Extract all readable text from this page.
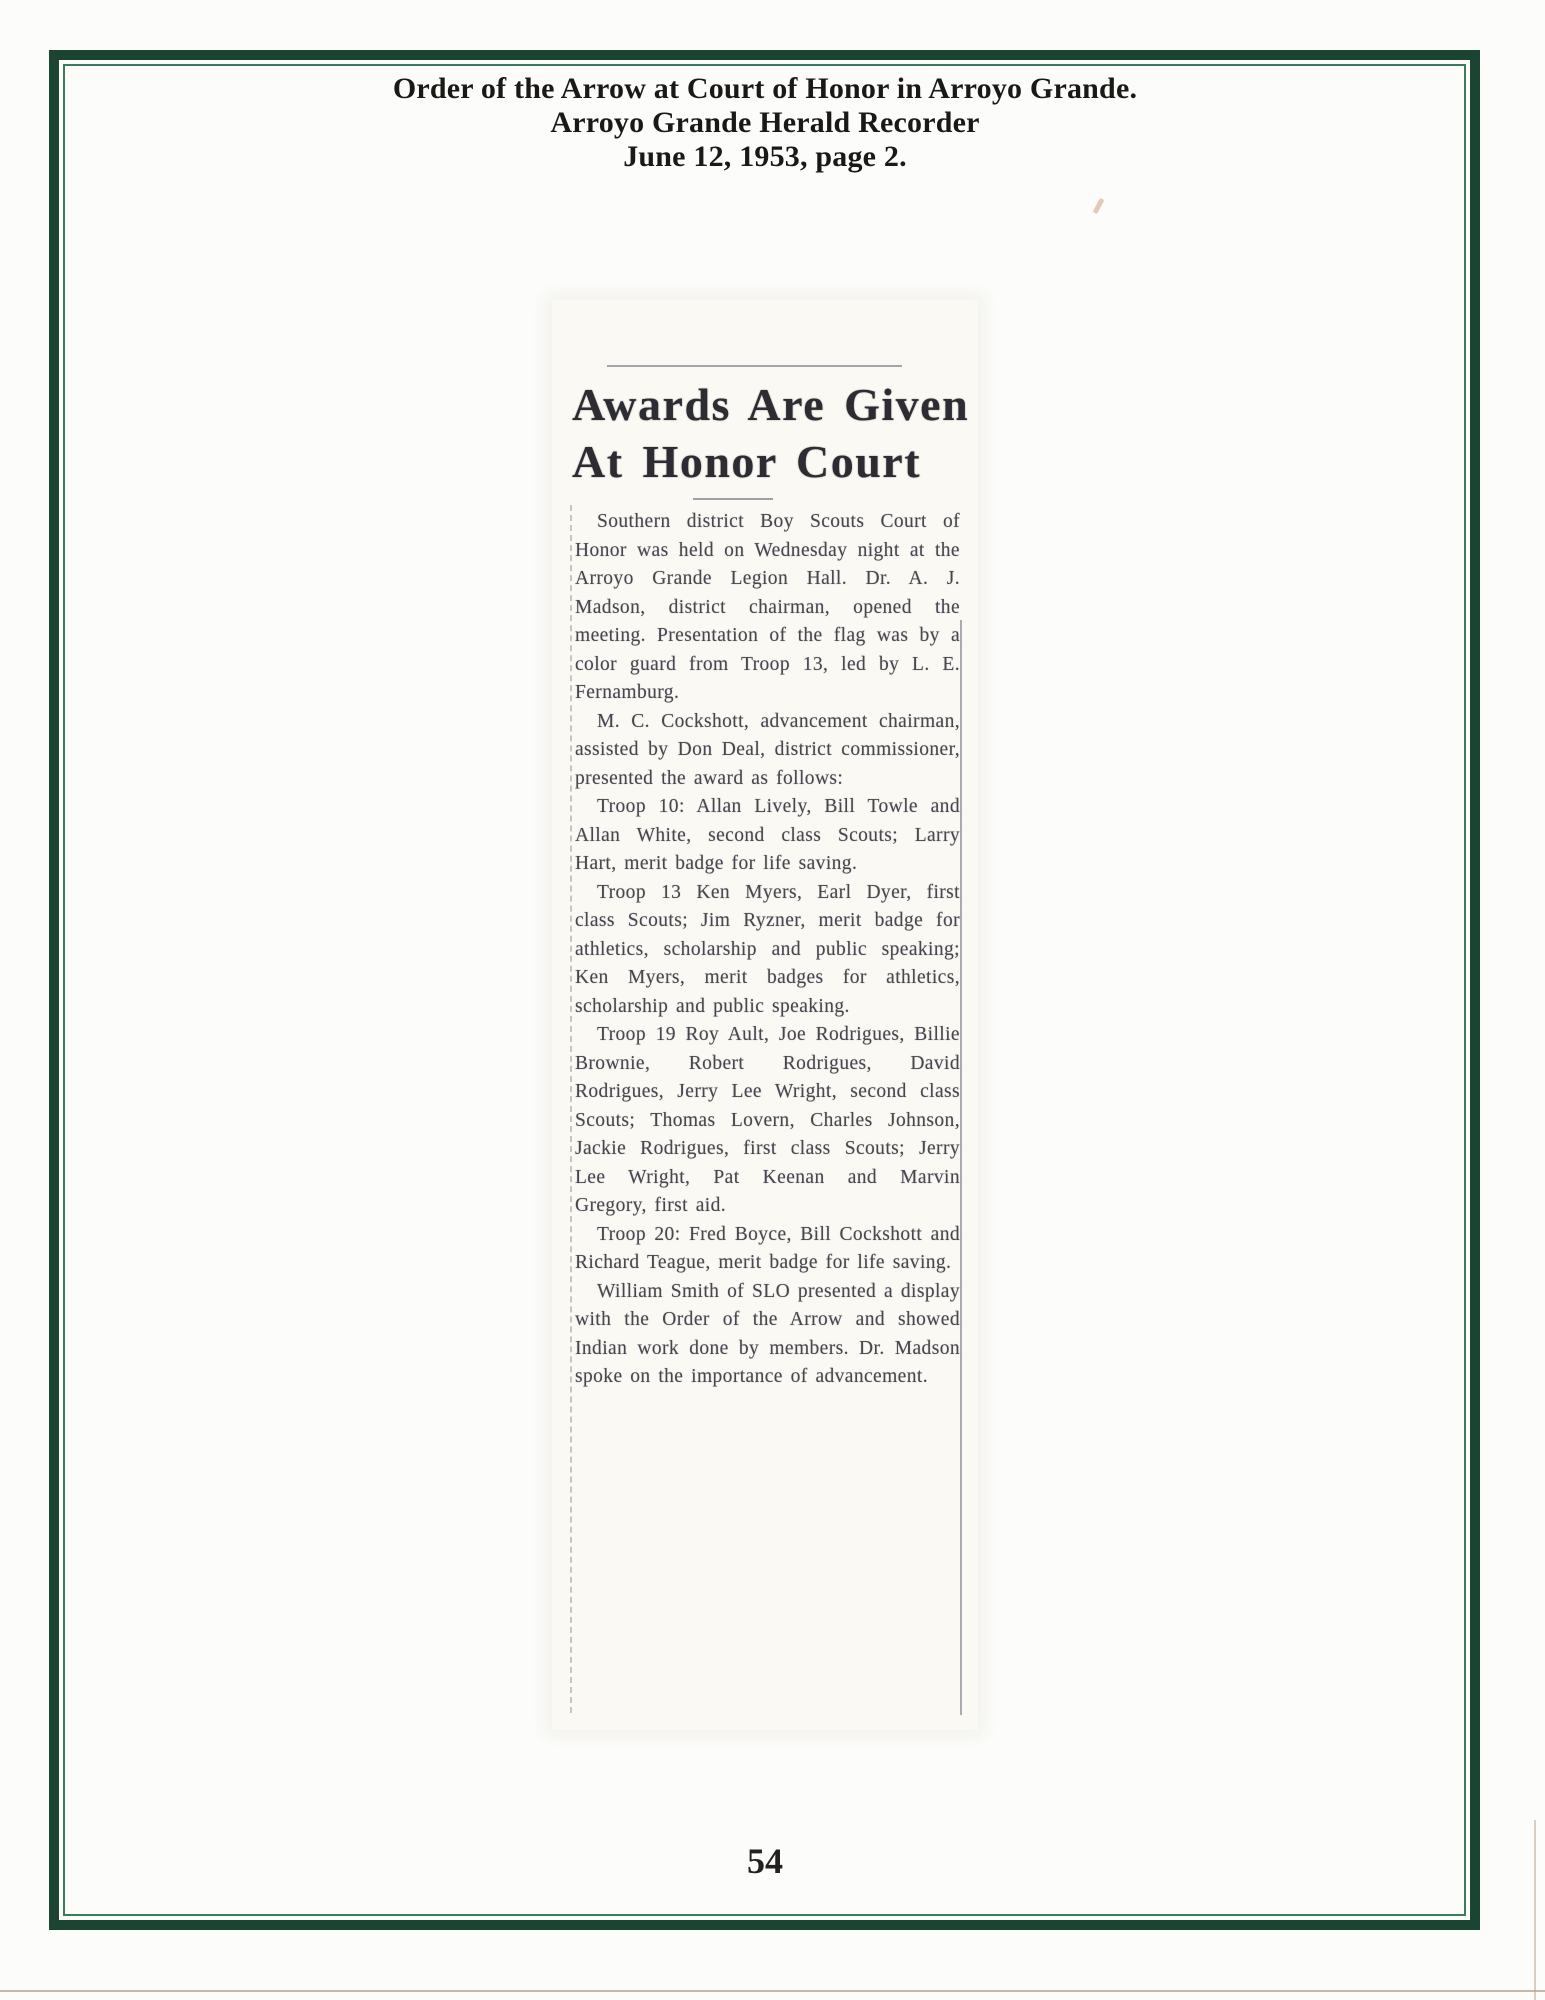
Order of the Arrow at Court of Honor in Arroyo Grande.
Arroyo Grande Herald Recorder
June 12, 1953, page 2.
Awards Are Given
At Honor Court

Southern district Boy Scouts Court of Honor was held on Wednesday night at the Arroyo Grande Legion Hall. Dr. A. J. Madson, district chairman, opened the meeting. Presentation of the flag was by a color guard from Troop 13, led by L. E. Fernamburg.

M. C. Cockshott, advancement chairman, assisted by Don Deal, district commissioner, presented the award as follows:

Troop 10: Allan Lively, Bill Towle and Allan White, second class Scouts; Larry Hart, merit badge for life saving.

Troop 13 Ken Myers, Earl Dyer, first class Scouts; Jim Ryzner, merit badge for athletics, scholarship and public speaking; Ken Myers, merit badges for athletics, scholarship and public speaking.

Troop 19 Roy Ault, Joe Rodrigues, Billie Brownie, Robert Rodrigues, David Rodrigues, Jerry Lee Wright, second class Scouts; Thomas Lovern, Charles Johnson, Jackie Rodrigues, first class Scouts; Jerry Lee Wright, Pat Keenan and Marvin Gregory, first aid.

Troop 20: Fred Boyce, Bill Cockshott and Richard Teague, merit badge for life saving.

William Smith of SLO presented a display with the Order of the Arrow and showed Indian work done by members. Dr. Madson spoke on the importance of advancement.

54
